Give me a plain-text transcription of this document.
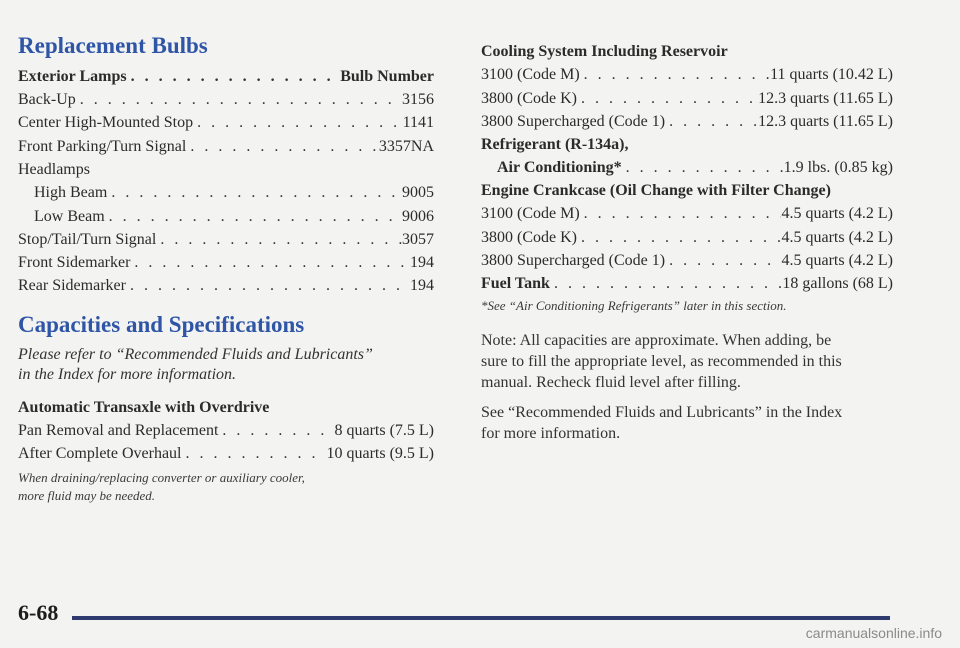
Replacement Bulbs
Exterior Lamps . . .	Bulb Number
Back-Up . . .	3156
Center High-Mounted Stop . . .	1141
Front Parking/Turn Signal . . .	3357NA
Headlamps
High Beam . . .	9005
Low Beam . . .	9006
Stop/Tail/Turn Signal . . .	3057
Front Sidemarker . . .	194
Rear Sidemarker . . .	194
Capacities and Specifications

Please refer to “Recommended Fluids and Lubricants”

in the Index for more information.

Automatic Transaxle with Overdrive
Pan Removal and Replacement . . .	8 quarts (7.5 L)
After Complete Overhaul . . .	10 quarts (9.5 L)

When draining/replacing converter or auxiliary cooler,

more fluid may be needed.

Cooling System Including Reservoir
3100 (Code M) . . .	11 quarts (10.42 L)
3800 (Code K) . . .	12.3 quarts (11.65 L)
3800 Supercharged (Code 1) . . .	12.3 quarts (11.65 L)
Refrigerant (R-134a),
Air Conditioning* . . .	1.9 lbs. (0.85 kg)
Engine Crankcase (Oil Change with Filter Change)
3100 (Code M) . . .	4.5 quarts (4.2 L)
3800 (Code K) . . .	4.5 quarts (4.2 L)
3800 Supercharged (Code 1) . . .	4.5 quarts (4.2 L)
Fuel Tank . . .	18 gallons (68 L)

*See “Air Conditioning Refrigerants” later in this section.

Note: All capacities are approximate. When adding, be

sure to fill the appropriate level, as recommended in this

manual. Recheck fluid level after filling.

See “Recommended Fluids and Lubricants” in the Index

for more information.

6-68
carmanualsonline.info
